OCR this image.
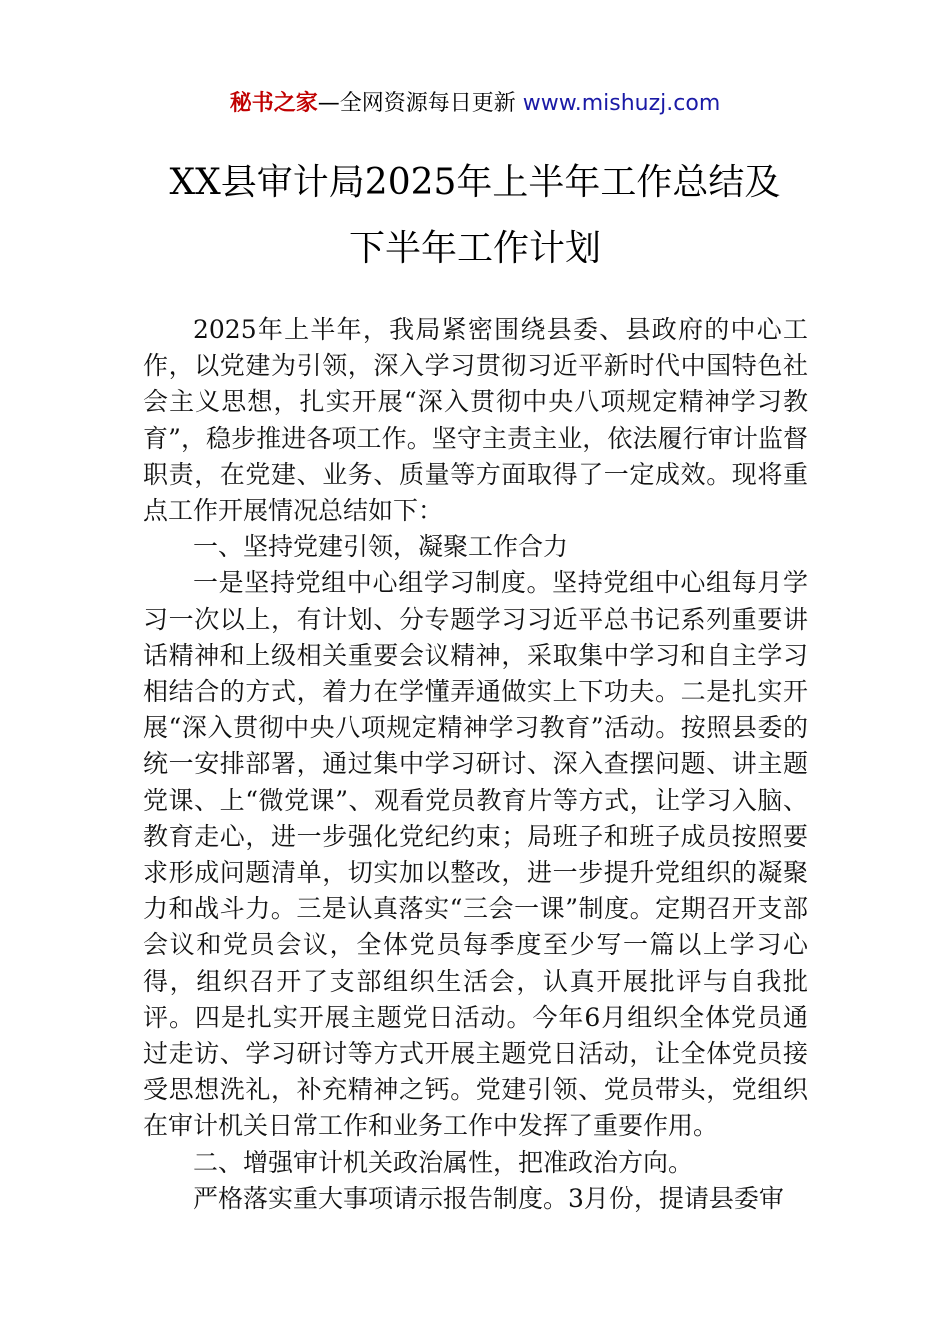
秘书之家—全网资源每日更新 www.mishuzj.com
XX县审计局2025年上半年工作总结及
下半年工作计划

2025年上半年，我局紧密围绕县委、县政府的中心工作，以党建为引领，深入学习贯彻习近平新时代中国特色社会主义思想，扎实开展“深入贯彻中央八项规定精神学习教育”，稳步推进各项工作。坚守主责主业，依法履行审计监督职责，在党建、业务、质量等方面取得了一定成效。现将重点工作开展情况总结如下：

一、坚持党建引领，凝聚工作合力

一是坚持党组中心组学习制度。坚持党组中心组每月学习一次以上，有计划、分专题学习习近平总书记系列重要讲话精神和上级相关重要会议精神，采取集中学习和自主学习相结合的方式，着力在学懂弄通做实上下功夫。二是扎实开展“深入贯彻中央八项规定精神学习教育”活动。按照县委的统一安排部署，通过集中学习研讨、深入查摆问题、讲主题党课、上“微党课”、观看党员教育片等方式，让学习入脑、教育走心，进一步强化党纪约束；局班子和班子成员按照要求形成问题清单，切实加以整改，进一步提升党组织的凝聚力和战斗力。三是认真落实“三会一课”制度。定期召开支部会议和党员会议，全体党员每季度至少写一篇以上学习心得，组织召开了支部组织生活会，认真开展批评与自我批评。四是扎实开展主题党日活动。今年6月组织全体党员通过走访、学习研讨等方式开展主题党日活动，让全体党员接受思想洗礼，补充精神之钙。党建引领、党员带头，党组织在审计机关日常工作和业务工作中发挥了重要作用。

二、增强审计机关政治属性，把准政治方向。

严格落实重大事项请示报告制度。3月份，提请县委审
